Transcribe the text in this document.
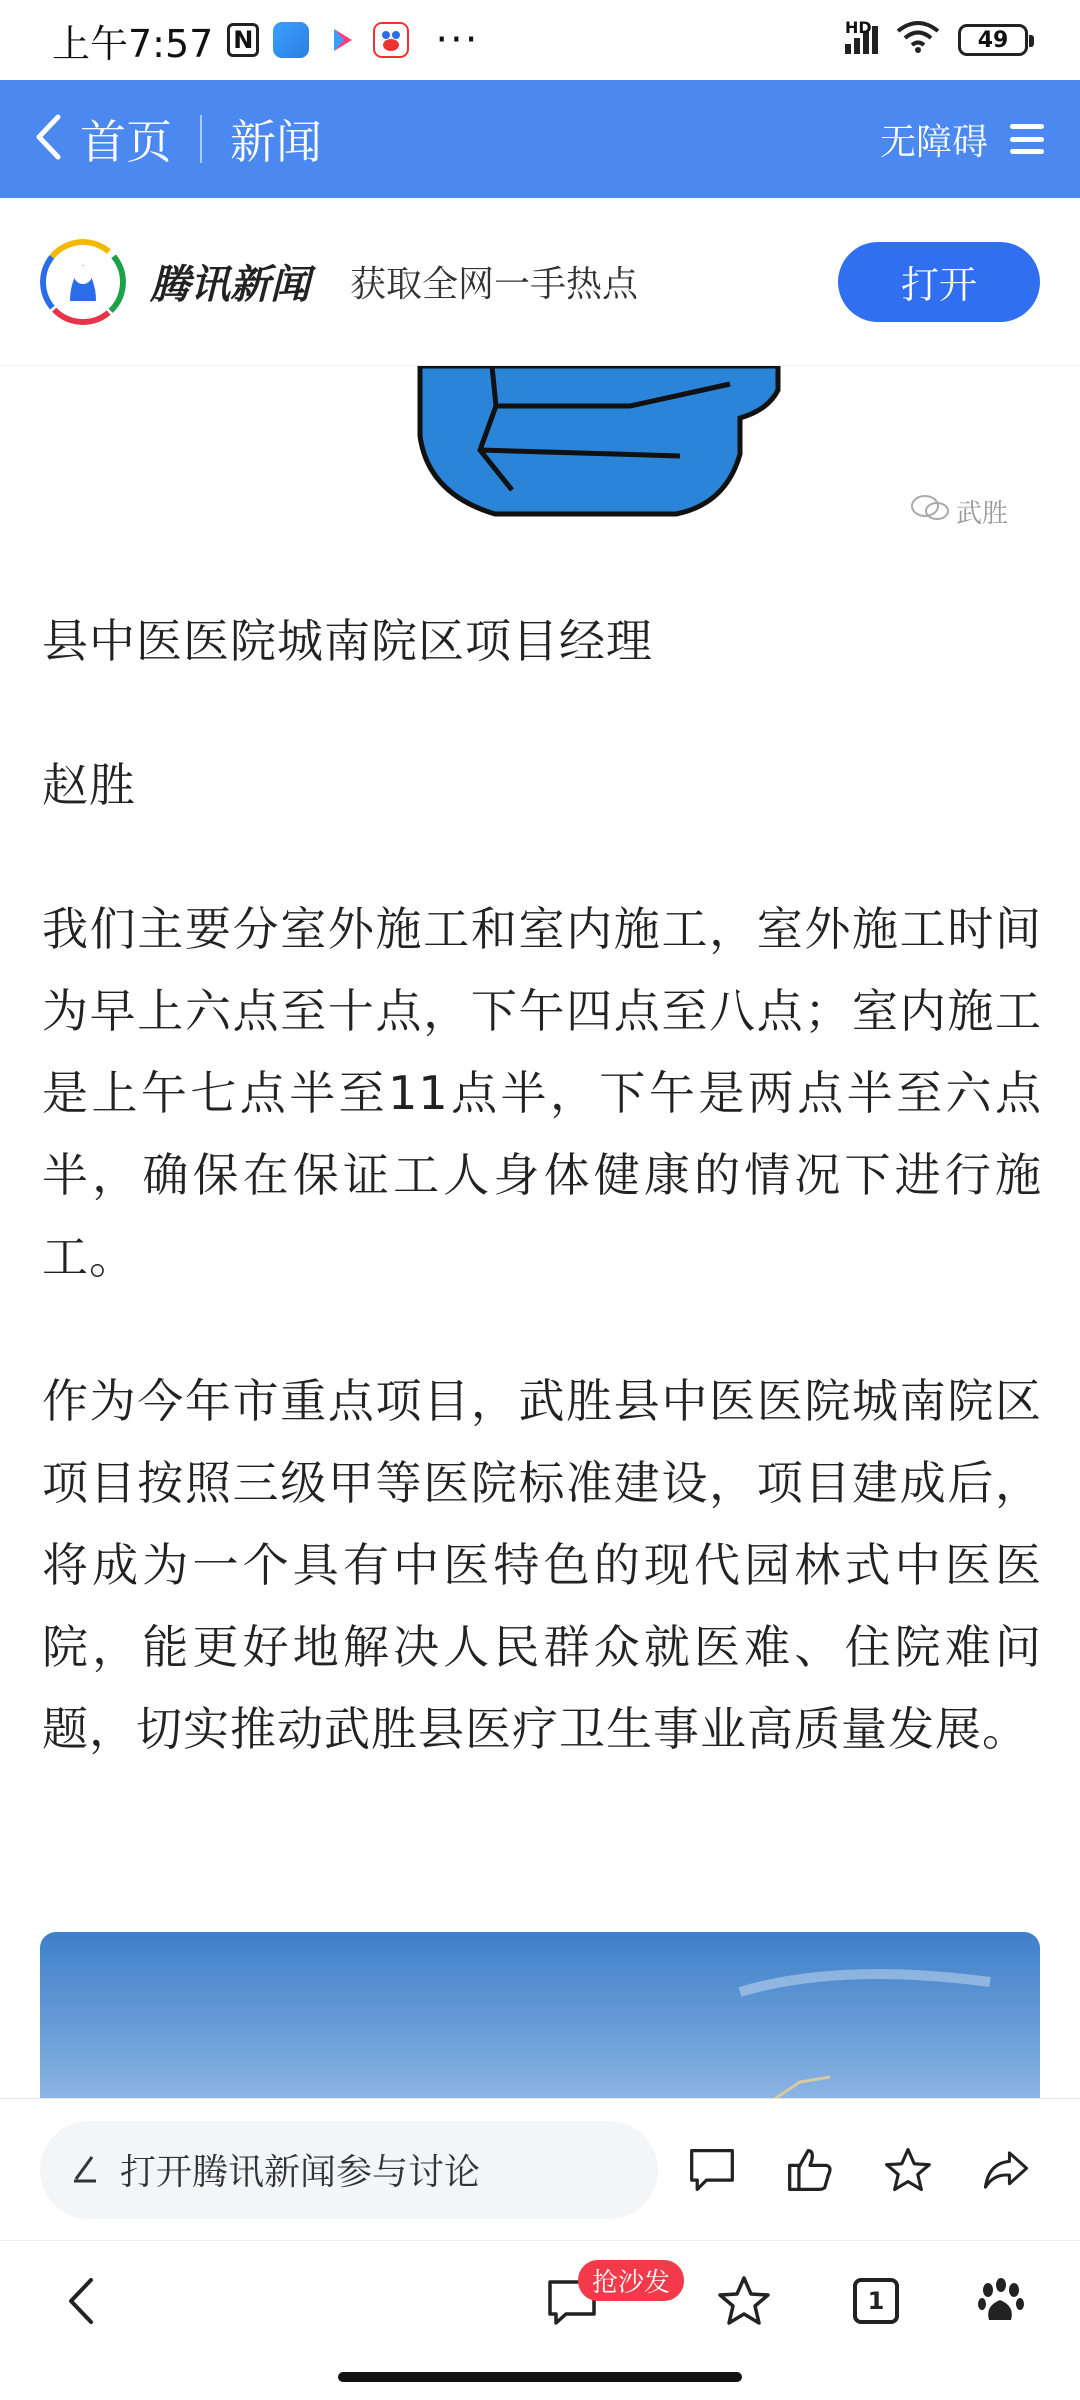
上午7:57 N	···	HD	49
首页 新闻	无障碍
腾讯新闻 获取全网一手热点	打开
武胜

县中医医院城南院区项目经理

赵胜

我们主要分室外施工和室内施工，室外施工时间为早上六点至十点，下午四点至八点；室内施工是上午七点半至11点半，下午是两点半至六点半，确保在保证工人身体健康的情况下进行施工。

作为今年市重点项目，武胜县中医医院城南院区项目按照三级甲等医院标准建设，项目建成后，将成为一个具有中医特色的现代园林式中医医院，能更好地解决人民群众就医难、住院难问题，切实推动武胜县医疗卫生事业高质量发展。

打开腾讯新闻参与讨论
抢沙发
1
